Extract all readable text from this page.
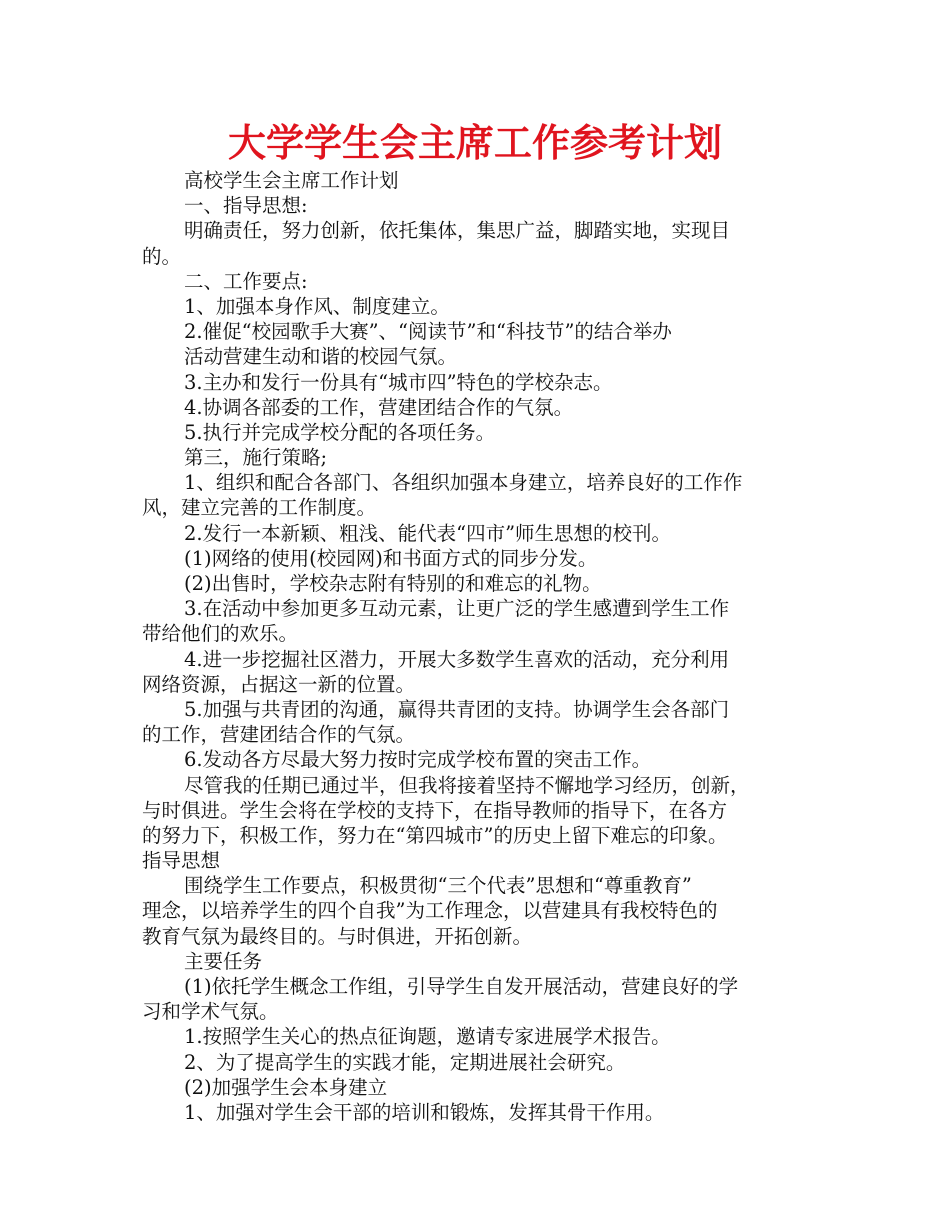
大学学生会主席工作参考计划
高校学生会主席工作计划
一、指导思想:
明确责任，努力创新，依托集体，集思广益，脚踏实地，实现目
的。
二、工作要点:
1、加强本身作风、制度建立。
2.催促“校园歌手大赛”、“阅读节”和“科技节”的结合举办
活动营建生动和谐的校园气氛。
3.主办和发行一份具有“城市四”特色的学校杂志。
4.协调各部委的工作，营建团结合作的气氛。
5.执行并完成学校分配的各项任务。
第三，施行策略;
1、组织和配合各部门、各组织加强本身建立，培养良好的工作作
风，建立完善的工作制度。
2.发行一本新颖、粗浅、能代表“四市”师生思想的校刊。
(1)网络的使用(校园网)和书面方式的同步分发。
(2)出售时，学校杂志附有特别的和难忘的礼物。
3.在活动中参加更多互动元素，让更广泛的学生感遭到学生工作
带给他们的欢乐。
4.进一步挖掘社区潜力，开展大多数学生喜欢的活动，充分利用
网络资源，占据这一新的位置。
5.加强与共青团的沟通，赢得共青团的支持。协调学生会各部门
的工作，营建团结合作的气氛。
6.发动各方尽最大努力按时完成学校布置的突击工作。
尽管我的任期已通过半，但我将接着坚持不懈地学习经历，创新，
与时俱进。学生会将在学校的支持下，在指导教师的指导下，在各方
的努力下，积极工作，努力在“第四城市”的历史上留下难忘的印象。
指导思想
围绕学生工作要点，积极贯彻“三个代表”思想和“尊重教育”
理念，以培养学生的四个自我”为工作理念，以营建具有我校特色的
教育气氛为最终目的。与时俱进，开拓创新。
主要任务
(1)依托学生概念工作组，引导学生自发开展活动，营建良好的学
习和学术气氛。
1.按照学生关心的热点征询题，邀请专家进展学术报告。
2、为了提高学生的实践才能，定期进展社会研究。
(2)加强学生会本身建立
1、加强对学生会干部的培训和锻炼，发挥其骨干作用。
